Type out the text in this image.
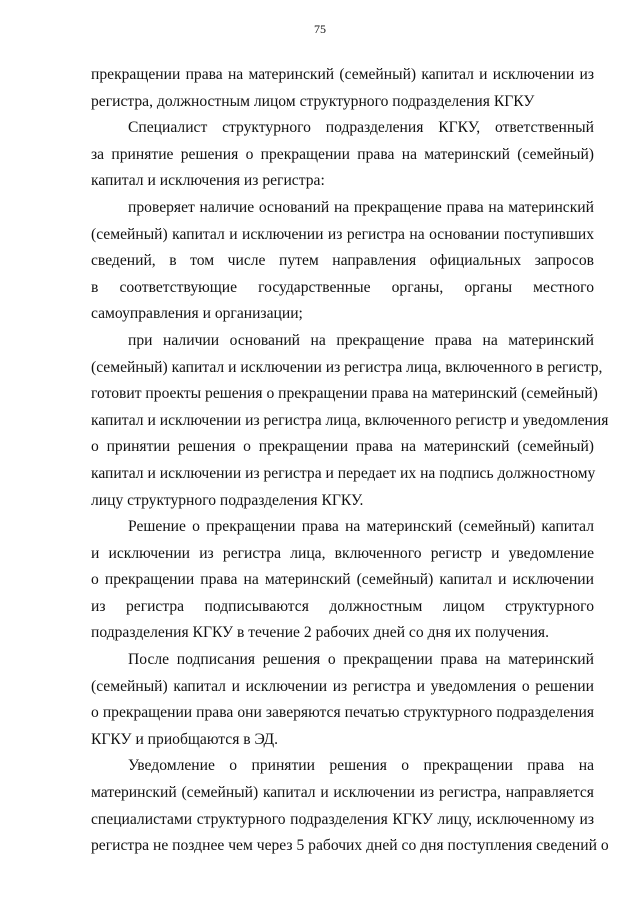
75

прекращении права на материнский (семейный) капитал и исключении из
регистра, должностным лицом структурного подразделения КГКУ

Специалист структурного подразделения КГКУ, ответственный
за принятие решения о прекращении права на материнский (семейный)
капитал и исключения из регистра:

проверяет наличие оснований на прекращение права на материнский
(семейный) капитал и исключении из регистра на основании поступивших
сведений, в том числе путем направления официальных запросов
в соответствующие государственные органы, органы местного
самоуправления и организации;

при наличии оснований на прекращение права на материнский
(семейный) капитал и исключении из регистра лица, включенного в регистр,
готовит проекты решения о прекращении права на материнский (семейный)
капитал и исключении из регистра лица, включенного регистр и уведомления
о принятии решения о прекращении права на материнский (семейный)
капитал и исключении из регистра и передает их на подпись должностному
лицу структурного подразделения КГКУ.

Решение о прекращении права на материнский (семейный) капитал
и исключении из регистра лица, включенного регистр и уведомление
о прекращении права на материнский (семейный) капитал и исключении
из регистра подписываются должностным лицом структурного
подразделения КГКУ в течение 2 рабочих дней со дня их получения.

После подписания решения о прекращении права на материнский
(семейный) капитал и исключении из регистра и уведомления о решении
о прекращении права они заверяются печатью структурного подразделения
КГКУ и приобщаются в ЭД.

Уведомление о принятии решения о прекращении права на
материнский (семейный) капитал и исключении из регистра, направляется
специалистами структурного подразделения КГКУ лицу, исключенному из
регистра не позднее чем через 5 рабочих дней со дня поступления сведений о
